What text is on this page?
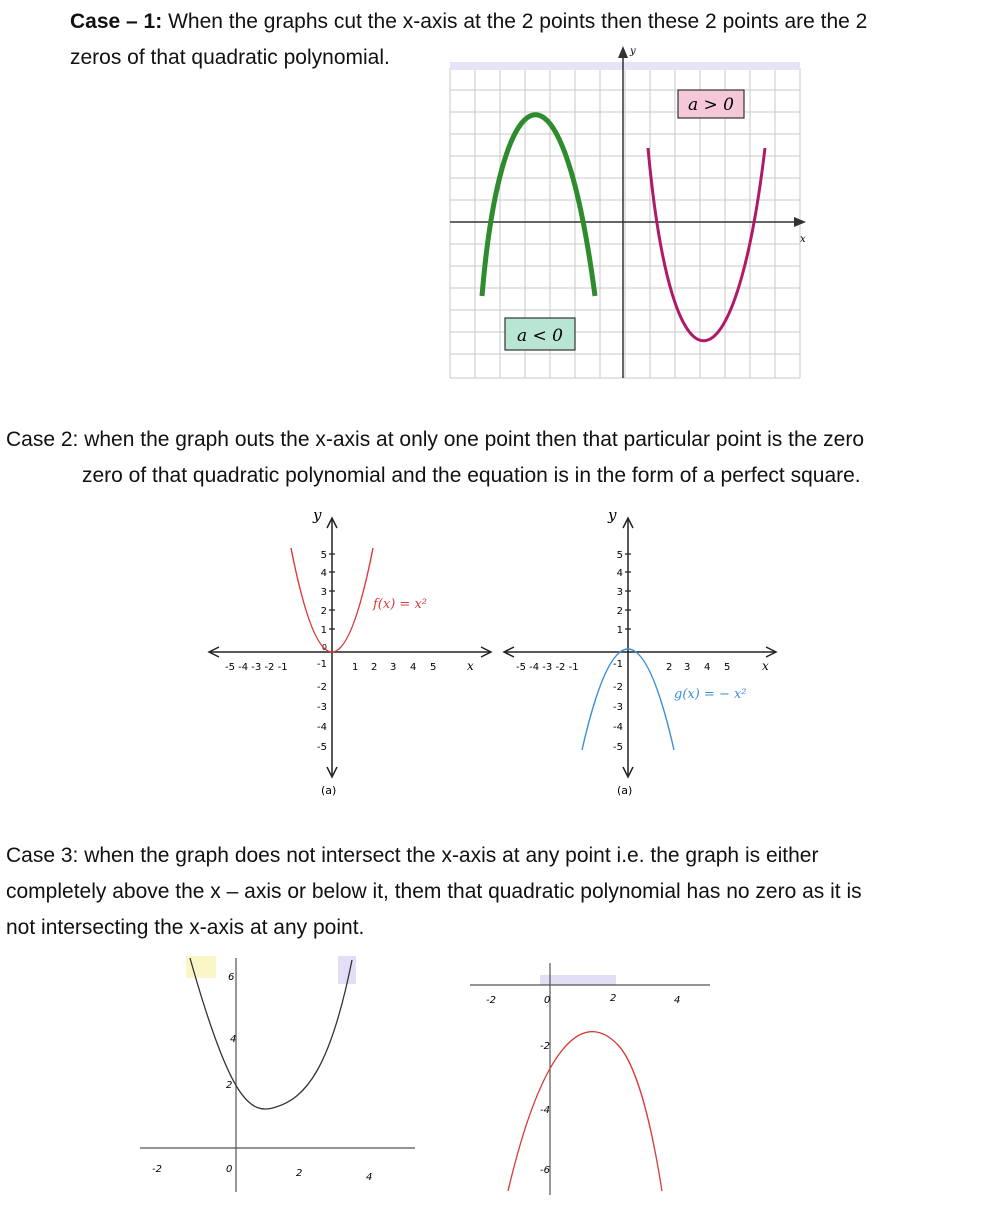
Case – 1: When the graphs cut the x-axis at the 2 points then these 2 points are the 2
zeros of that quadratic polynomial.	y
x
a > 0
a < 0

Case 2: when the graph outs the x-axis at only one point then that particular point is the zero
zero of that quadratic polynomial and the equation is in the form of a perfect square.

y
x
5
4
3
2
1
-1
-2
-3
-4
-5
-5 -4 -3 -2 -1
0
1 2 3 4 5
f(x) = x²
(a)
y
x
5
4
3
2
1
-1
-2
-3
-4
-5
-5 -4 -3 -2 -1	2 3 4 5
g(x) = − x²
(a)

Case 3: when the graph does not intersect the x-axis at any point i.e. the graph is either
completely above the x – axis or below it, them that quadratic polynomial has no zero as it is
not intersecting the x-axis at any point.

6
4
2
-2	0	2	4
-2	0	2	4
-2
-4
-6
